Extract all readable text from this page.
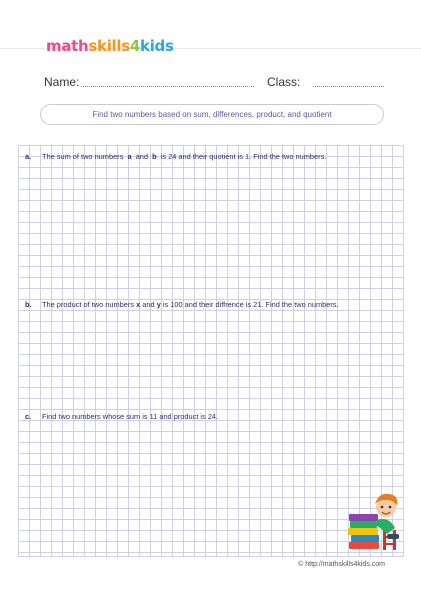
mathskills4kids
Name:	Class:
Find two numbers based on sum, differences, product, and quotient
a. The sum of two numbers a and b is 24 and their quotient is 1. Find the two numbers.
b. The product of two numbers x and y is 100 and their diffrence is 21. Find the two numbers.
c. Find two numbers whose sum is 11 and product is 24.
© http://mathskills4kids.com
